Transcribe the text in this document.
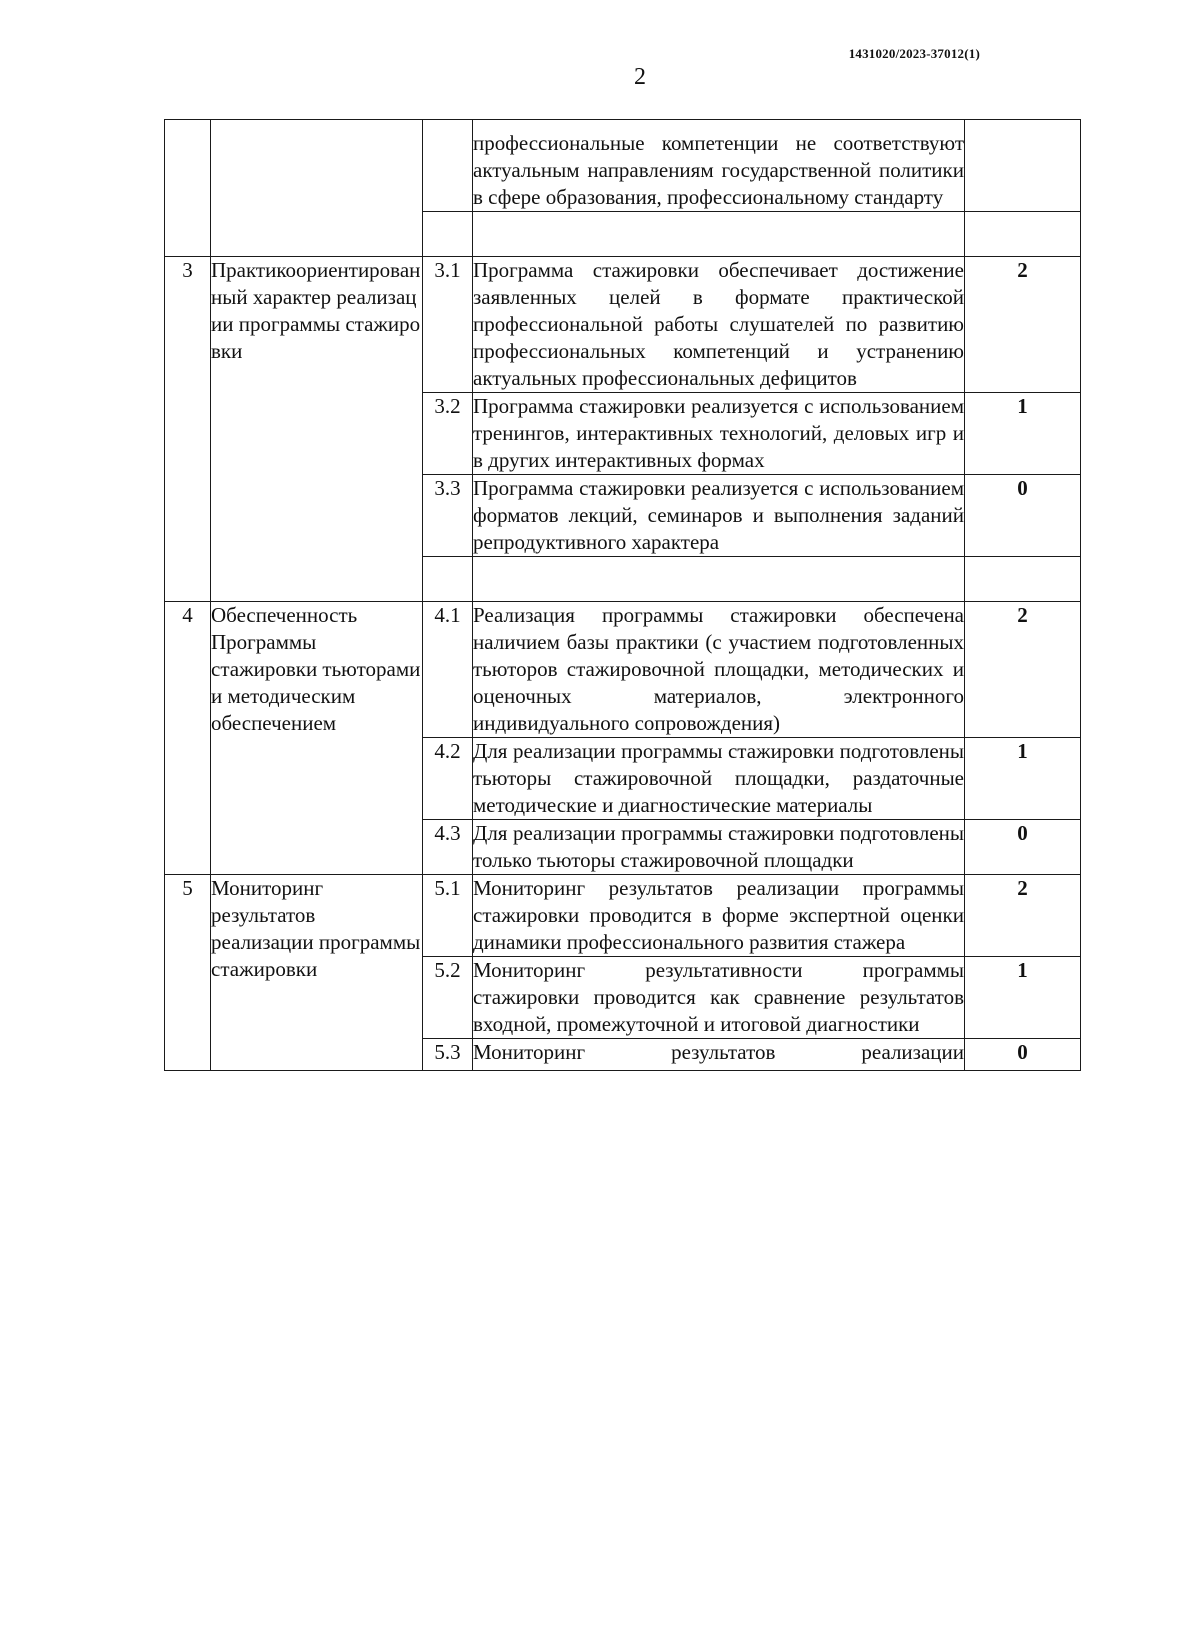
1431020/2023-37012(1)
2

			профессиональные компетенции не соответствуют актуальным направлениям государственной политики в сфере образования, профессиональному стандарту	

3	Практикоориентированный характер реализации программы стажировки	3.1	Программа стажировки обеспечивает достижение заявленных целей в формате практической профессиональной работы слушателей по развитию профессиональных компетенций и устранению актуальных профессиональных дефицитов	2
		3.2	Программа стажировки реализуется с использованием тренингов, интерактивных технологий, деловых игр и в других интерактивных формах	1
		3.3	Программа стажировки реализуется с использованием форматов лекций, семинаров и выполнения заданий репродуктивного характера	0

4	Обеспеченность Программы стажировки тьюторами и методическим обеспечением	4.1	Реализация программы стажировки обеспечена наличием базы практики (с участием подготовленных тьюторов стажировочной площадки, методических и оценочных материалов, электронного индивидуального сопровождения)	2
		4.2	Для реализации программы стажировки подготовлены тьюторы стажировочной площадки, раздаточные методические и диагностические материалы	1
		4.3	Для реализации программы стажировки подготовлены только тьюторы стажировочной площадки	0
5	Мониторинг результатов реализации программы стажировки	5.1	Мониторинг результатов реализации программы стажировки проводится в форме экспертной оценки динамики профессионального развития стажера	2
		5.2	Мониторинг результативности программы стажировки проводится как сравнение результатов входной, промежуточной и итоговой диагностики	1
		5.3	Мониторинг результатов реализации	0
